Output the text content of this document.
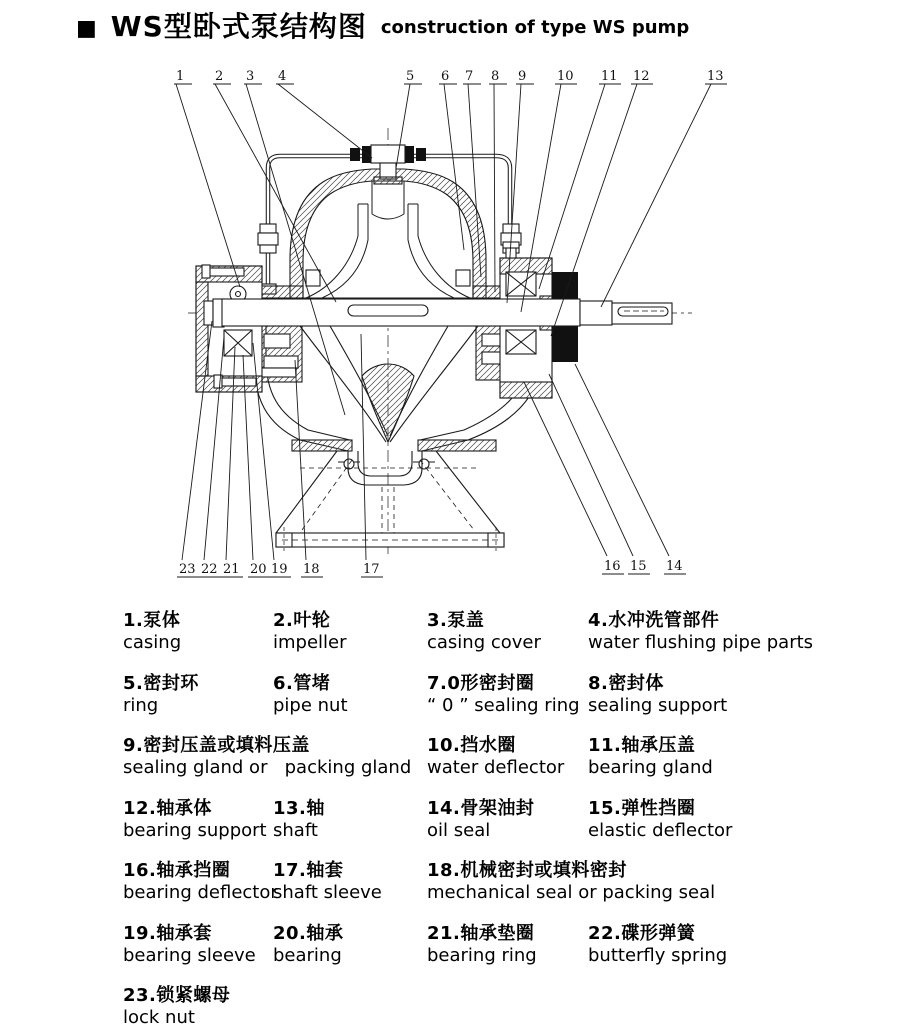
■ WS型卧式泵结构图 construction of type WS pump
1 2 3 4	5 6 7 8 9 10 11 12	13
23 22 21 20 19 18	17	16 15 14
1.泵体
casing
2.叶轮
impeller
3.泵盖
casing cover
4.水冲洗管部件
water flushing pipe parts
5.密封环
ring
6.管堵
pipe nut
7.0形密封圈
“ 0 ” sealing ring
8.密封体
sealing support
9.密封压盖或填料压盖
sealing gland or   packing gland
10.挡水圈
water deflector
11.轴承压盖
bearing gland
12.轴承体
bearing support
13.轴
shaft
14.骨架油封
oil seal
15.弹性挡圈
elastic deflector
16.轴承挡圈
bearing deflector
17.轴套
shaft sleeve
18.机械密封或填料密封
mechanical seal or packing seal
19.轴承套
bearing sleeve
20.轴承
bearing
21.轴承垫圈
bearing ring
22.碟形弹簧
butterfly spring
23.锁紧螺母
lock nut
